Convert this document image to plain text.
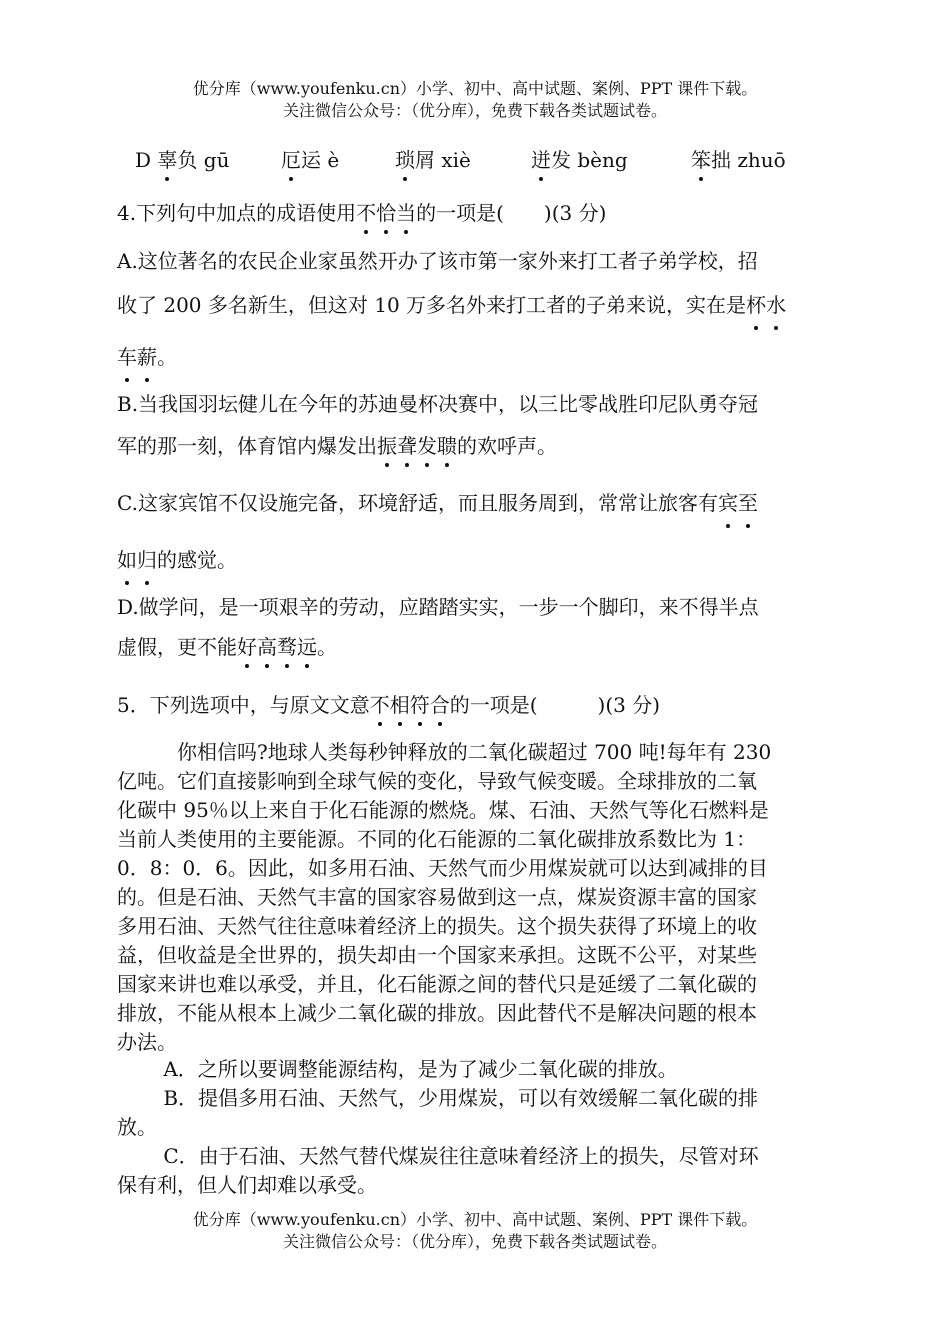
优分库（www.youfenku.cn）小学、初中、高中试题、案例、PPT 课件下载。
关注微信公众号：（优分库），免费下载各类试题试卷。
D 辜负 gū	厄运 è	琐屑 xiè	迸发 bèng	笨拙 zhuō
4.下列句中加点的成语使用不恰当的一项是(　　)(3 分)
A.这位著名的农民企业家虽然开办了该市第一家外来打工者子弟学校，招
收了 200 多名新生，但这对 10 万多名外来打工者的子弟来说，实在是杯水
车薪。
B.当我国羽坛健儿在今年的苏迪曼杯决赛中，以三比零战胜印尼队勇夺冠
军的那一刻，体育馆内爆发出振聋发聩的欢呼声。
C.这家宾馆不仅设施完备，环境舒适，而且服务周到，常常让旅客有宾至
如归的感觉。
D.做学问，是一项艰辛的劳动，应踏踏实实，一步一个脚印，来不得半点
虚假，更不能好高骛远。
5．下列选项中，与原文文意不相符合的一项是(　　　)(3 分)
　　　你相信吗?地球人类每秒钟释放的二氧化碳超过 700 吨!每年有 230
亿吨。它们直接影响到全球气候的变化，导致气候变暖。全球排放的二氧
化碳中 95％以上来自于化石能源的燃烧。煤、石油、天然气等化石燃料是
当前人类使用的主要能源。不同的化石能源的二氧化碳排放系数比为 1：
0．8：0．6。因此，如多用石油、天然气而少用煤炭就可以达到减排的目
的。但是石油、天然气丰富的国家容易做到这一点，煤炭资源丰富的国家
多用石油、天然气往往意味着经济上的损失。这个损失获得了环境上的收
益，但收益是全世界的，损失却由一个国家来承担。这既不公平，对某些
国家来讲也难以承受，并且，化石能源之间的替代只是延缓了二氧化碳的
排放，不能从根本上减少二氧化碳的排放。因此替代不是解决问题的根本
办法。
　　 A．之所以要调整能源结构，是为了减少二氧化碳的排放。
　　 B．提倡多用石油、天然气，少用煤炭，可以有效缓解二氧化碳的排
放。
　　 C．由于石油、天然气替代煤炭往往意味着经济上的损失，尽管对环
保有利，但人们却难以承受。
优分库（www.youfenku.cn）小学、初中、高中试题、案例、PPT 课件下载。
关注微信公众号：（优分库），免费下载各类试题试卷。
